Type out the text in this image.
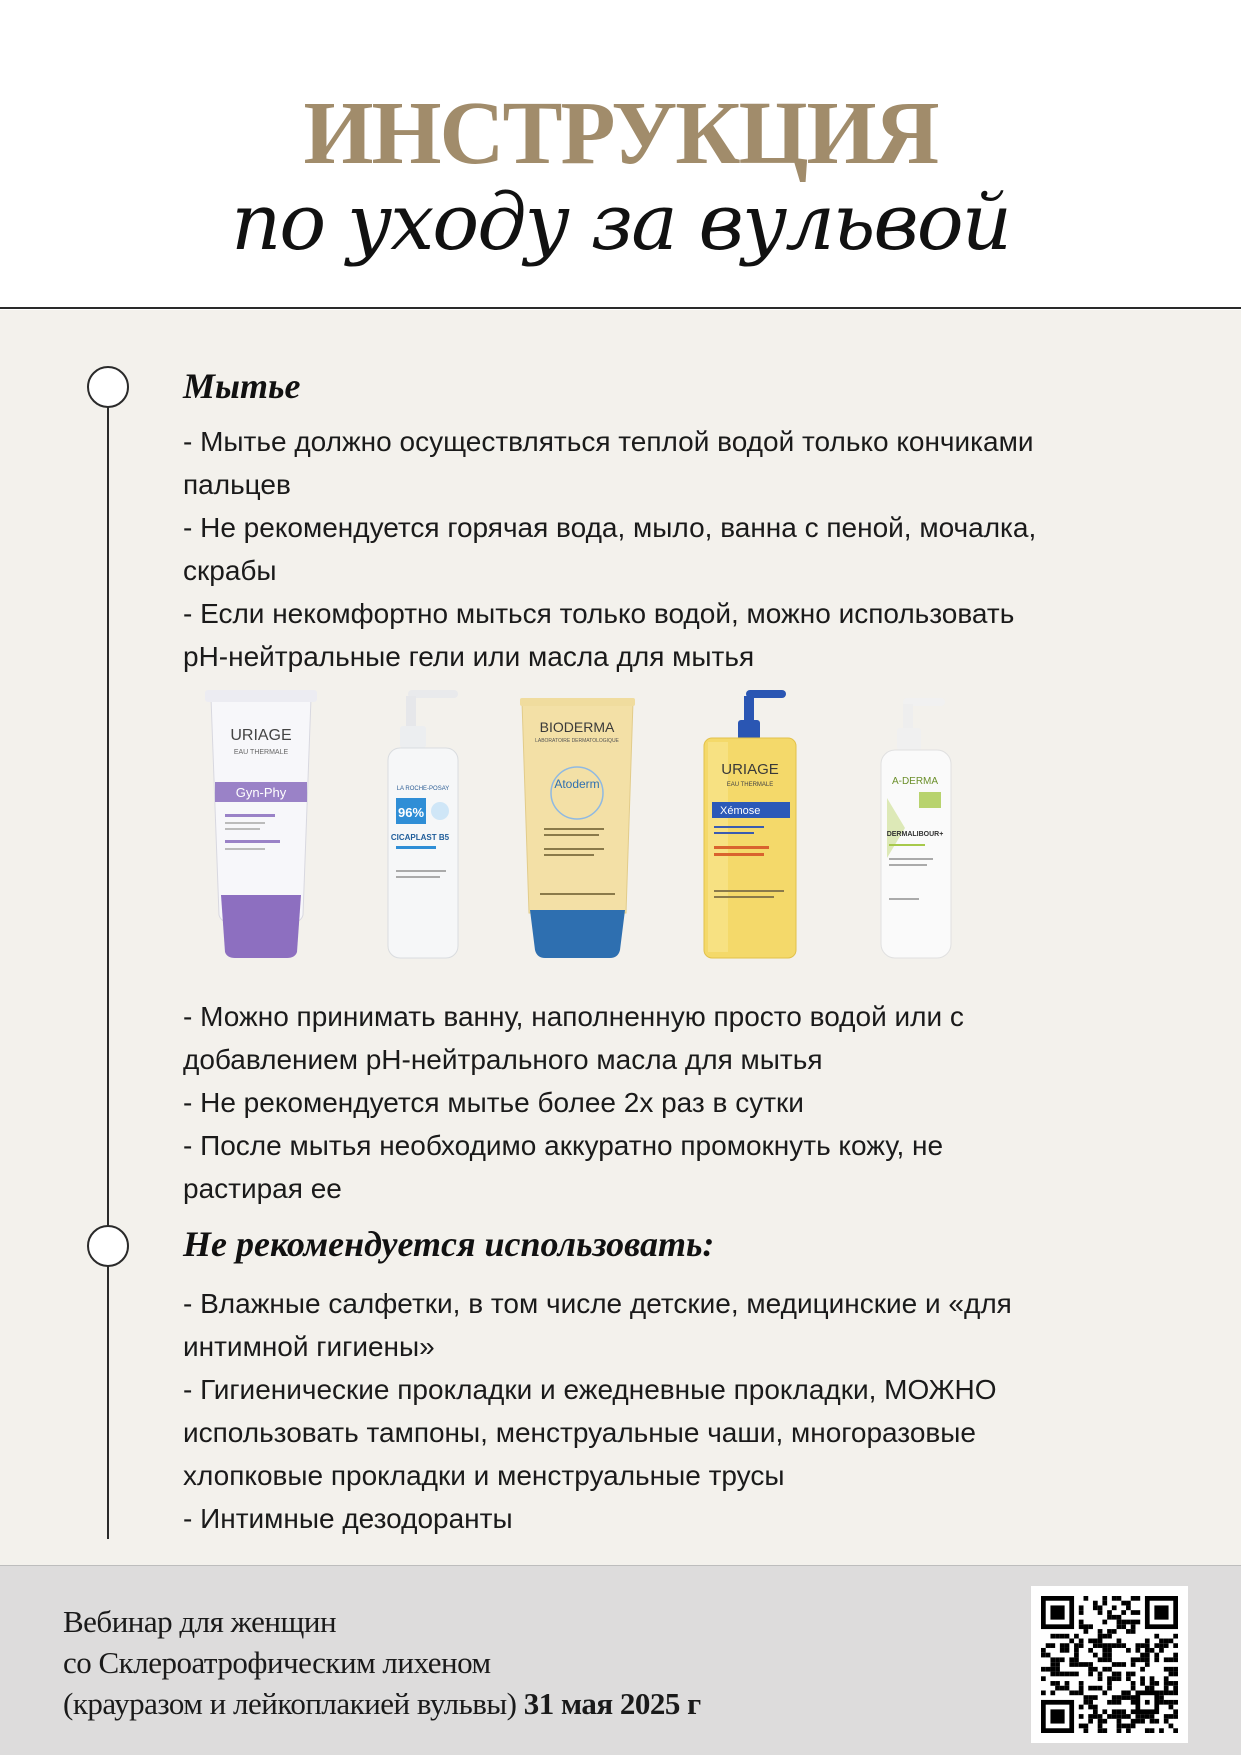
ИНСТРУКЦИЯ
по уходу за вульвой
Мытье
- Мытье должно осуществляться теплой водой только кончиками
пальцев
- Не рекомендуется горячая вода, мыло, ванна с пеной, мочалка,
скрабы
- Если некомфортно мыться только водой, можно использовать
pH-нейтральные гели или масла для мытья
URIAGE
EAU THERMALE
Gyn-Phy	LA ROCHE-POSAY
96%
CICAPLAST B5
BIODERMA
LABORATOIRE DERMATOLOGIQUE
Atoderm
URIAGE
EAU THERMALE
Xémose
A-DERMA
DERMALIBOUR+
- Можно принимать ванну, наполненную просто водой или с
добавлением pH-нейтрального масла для мытья
- Не рекомендуется мытье более 2х раз в сутки
- После мытья необходимо аккуратно промокнуть кожу, не
растирая ее
Не рекомендуется использовать:
- Влажные салфетки, в том числе детские, медицинские и «для
интимной гигиены»
- Гигиенические прокладки и ежедневные прокладки, МОЖНО
использовать тампоны, менструальные чаши, многоразовые
хлопковые прокладки и менструальные трусы
- Интимные дезодоранты
Вебинар для женщин
со Склероатрофическим лихеном
(крауразом и лейкоплакией вульвы) 31 мая 2025 г
